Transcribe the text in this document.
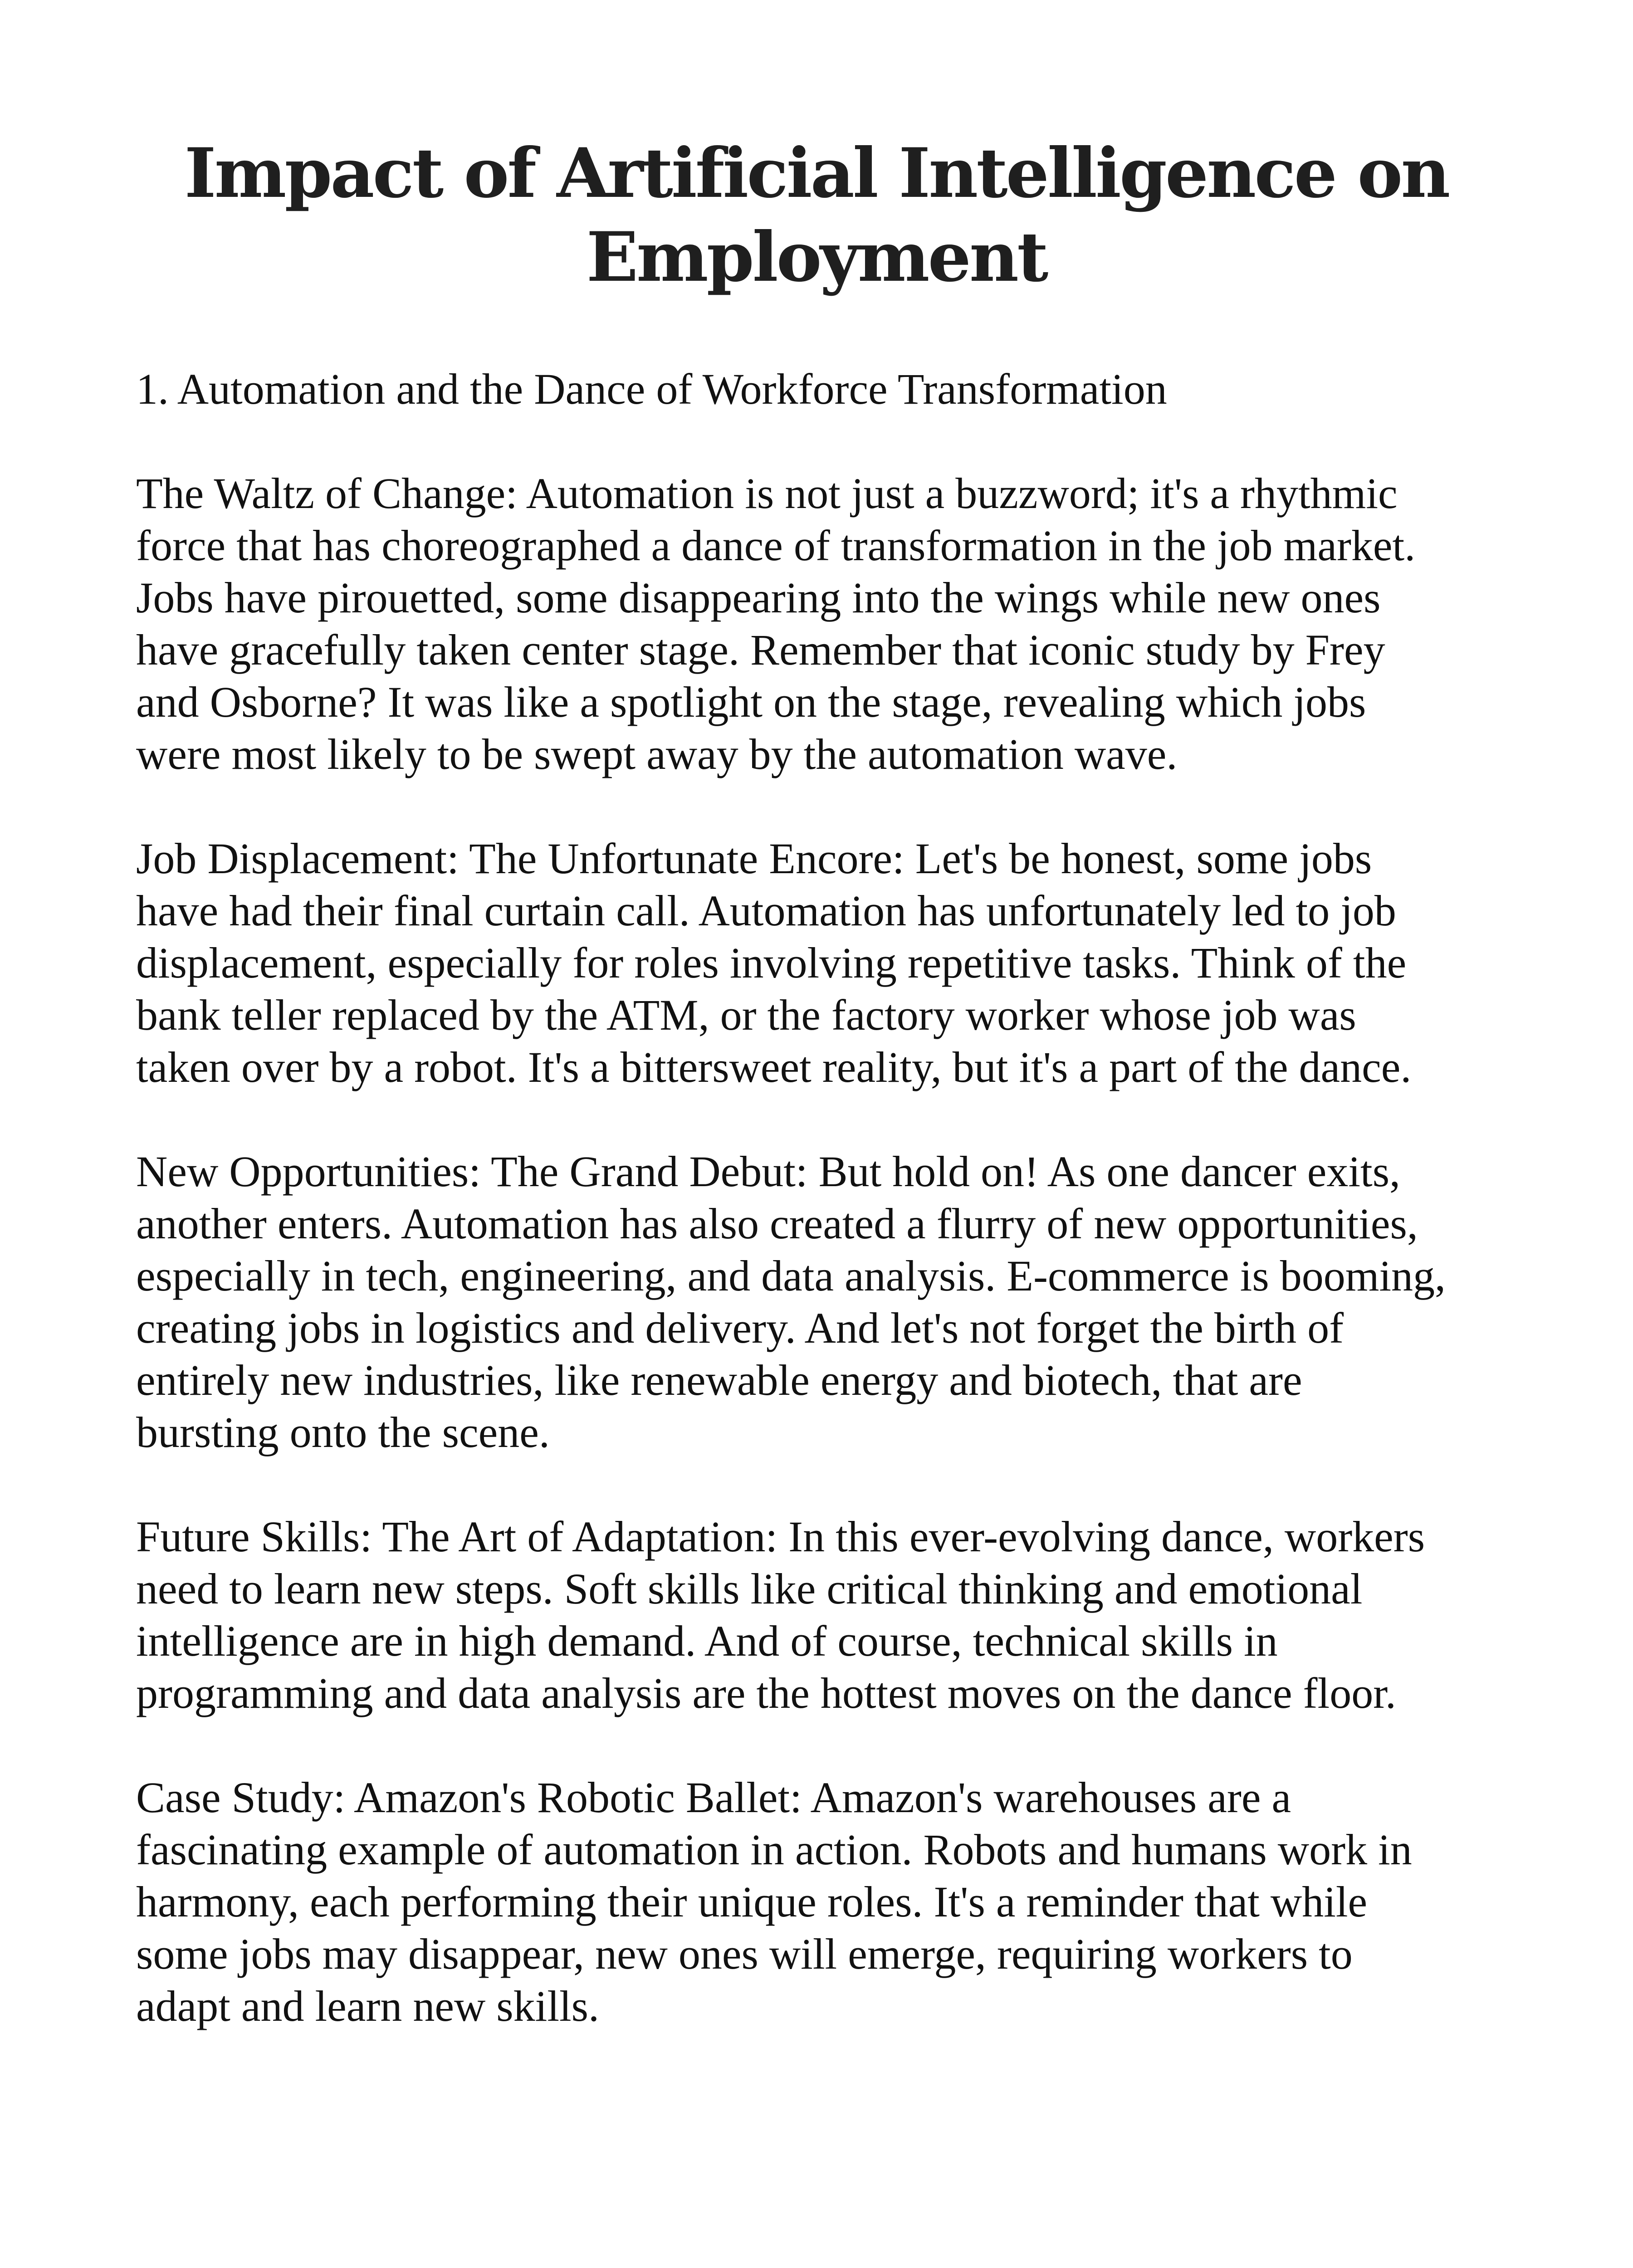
Impact of Artificial Intelligence on Employment

1. Automation and the Dance of Workforce Transformation

The Waltz of Change: Automation is not just a buzzword; it's a rhythmic force that has choreographed a dance of transformation in the job market. Jobs have pirouetted, some disappearing into the wings while new ones have gracefully taken center stage. Remember that iconic study by Frey and Osborne? It was like a spotlight on the stage, revealing which jobs were most likely to be swept away by the automation wave.

Job Displacement: The Unfortunate Encore: Let's be honest, some jobs have had their final curtain call. Automation has unfortunately led to job displacement, especially for roles involving repetitive tasks. Think of the bank teller replaced by the ATM, or the factory worker whose job was taken over by a robot. It's a bittersweet reality, but it's a part of the dance.

New Opportunities: The Grand Debut: But hold on! As one dancer exits, another enters. Automation has also created a flurry of new opportunities, especially in tech, engineering, and data analysis. E-commerce is booming, creating jobs in logistics and delivery. And let's not forget the birth of entirely new industries, like renewable energy and biotech, that are bursting onto the scene.

Future Skills: The Art of Adaptation: In this ever-evolving dance, workers need to learn new steps. Soft skills like critical thinking and emotional intelligence are in high demand. And of course, technical skills in programming and data analysis are the hottest moves on the dance floor.

Case Study: Amazon's Robotic Ballet: Amazon's warehouses are a fascinating example of automation in action. Robots and humans work in harmony, each performing their unique roles. It's a reminder that while some jobs may disappear, new ones will emerge, requiring workers to adapt and learn new skills.
